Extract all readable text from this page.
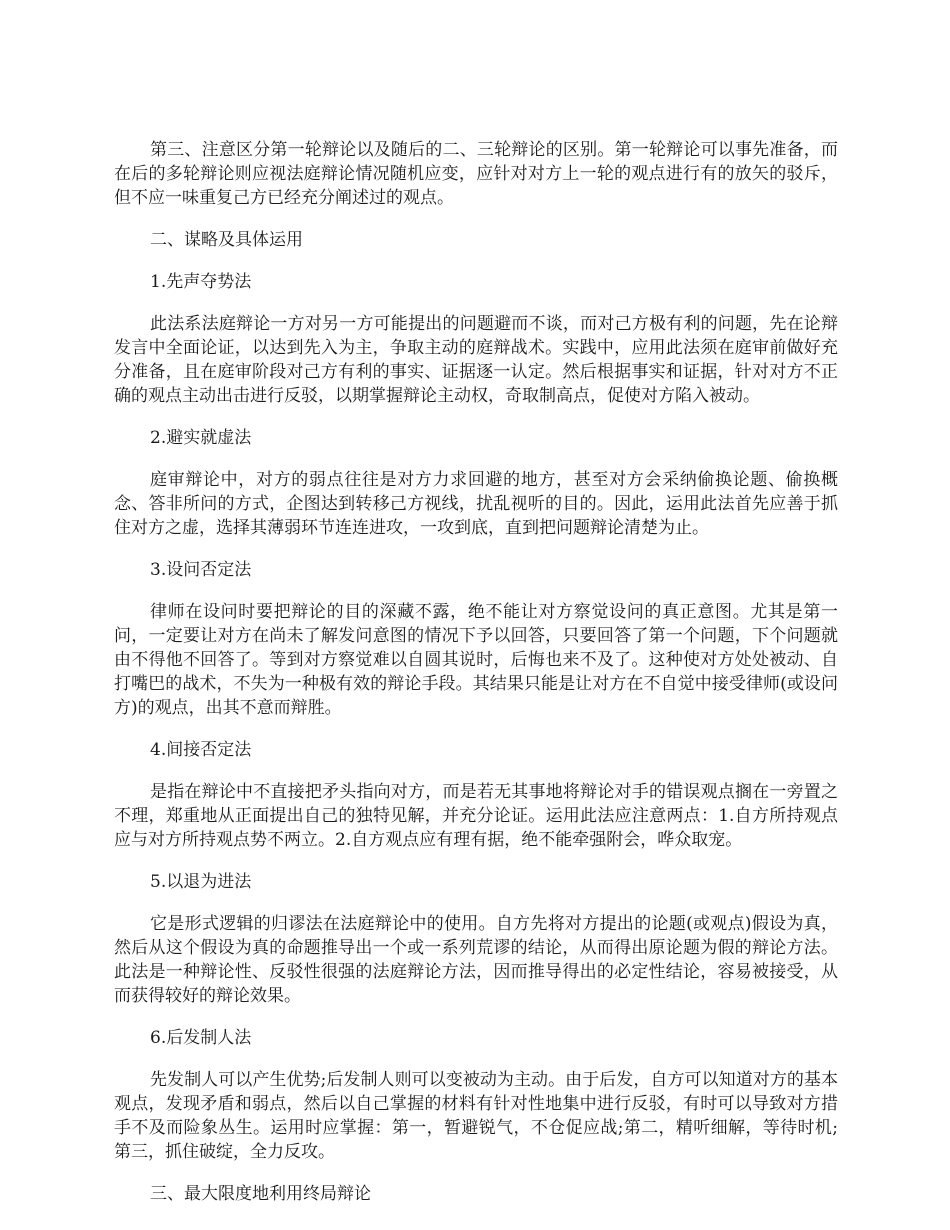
第三、注意区分第一轮辩论以及随后的二、三轮辩论的区别。第一轮辩论可以事先准备，而在后的多轮辩论则应视法庭辩论情况随机应变，应针对对方上一轮的观点进行有的放矢的驳斥，但不应一味重复己方已经充分阐述过的观点。

二、谋略及具体运用

1.先声夺势法

此法系法庭辩论一方对另一方可能提出的问题避而不谈，而对己方极有利的问题，先在论辩发言中全面论证，以达到先入为主，争取主动的庭辩战术。实践中，应用此法须在庭审前做好充分准备，且在庭审阶段对己方有利的事实、证据逐一认定。然后根据事实和证据，针对对方不正确的观点主动出击进行反驳，以期掌握辩论主动权，奇取制高点，促使对方陷入被动。

2.避实就虚法

庭审辩论中，对方的弱点往往是对方力求回避的地方，甚至对方会采纳偷换论题、偷换概念、答非所问的方式，企图达到转移己方视线，扰乱视听的目的。因此，运用此法首先应善于抓住对方之虚，选择其薄弱环节连连进攻，一攻到底，直到把问题辩论清楚为止。

3.设问否定法

律师在设问时要把辩论的目的深藏不露，绝不能让对方察觉设问的真正意图。尤其是第一问，一定要让对方在尚未了解发问意图的情况下予以回答，只要回答了第一个问题，下个问题就由不得他不回答了。等到对方察觉难以自圆其说时，后悔也来不及了。这种使对方处处被动、自打嘴巴的战术，不失为一种极有效的辩论手段。其结果只能是让对方在不自觉中接受律师(或设问方)的观点，出其不意而辩胜。

4.间接否定法

是指在辩论中不直接把矛头指向对方，而是若无其事地将辩论对手的错误观点搁在一旁置之不理，郑重地从正面提出自己的独特见解，并充分论证。运用此法应注意两点：1.自方所持观点应与对方所持观点势不两立。2.自方观点应有理有据，绝不能牵强附会，哗众取宠。

5.以退为进法

它是形式逻辑的归谬法在法庭辩论中的使用。自方先将对方提出的论题(或观点)假设为真，然后从这个假设为真的命题推导出一个或一系列荒谬的结论，从而得出原论题为假的辩论方法。此法是一种辩论性、反驳性很强的法庭辩论方法，因而推导得出的必定性结论，容易被接受，从而获得较好的辩论效果。

6.后发制人法

先发制人可以产生优势;后发制人则可以变被动为主动。由于后发，自方可以知道对方的基本观点，发现矛盾和弱点，然后以自己掌握的材料有针对性地集中进行反驳，有时可以导致对方措手不及而险象丛生。运用时应掌握：第一，暂避锐气，不仓促应战;第二，精听细解，等待时机;第三，抓住破绽，全力反攻。

三、最大限度地利用终局辩论
